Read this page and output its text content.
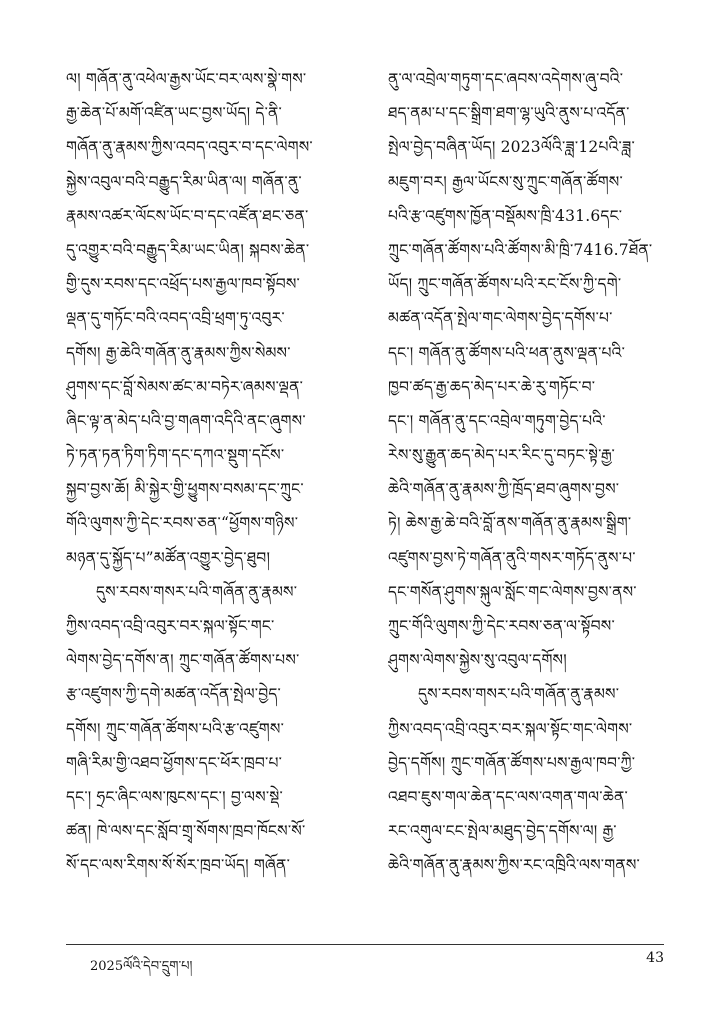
ལ། གཞོན་ནུ་འཕེལ་རྒྱས་ཡོང་བར་ལས་སྣེ་གས་
རྒྱ་ཆེན་པོ་མགོ་འཛིན་ཡང་བྱས་ཡོད། དེ་ནི་
གཞོན་ནུ་རྣམས་ཀྱིས་འབད་འབུར་བ་དང་ལེགས་
སྐྱེས་འབུལ་བའི་བརྒྱུད་རིམ་ཡིན་ལ། གཞོན་ནུ་
རྣམས་འཚར་ལོངས་ཡོང་བ་དང་འཛོན་ཐང་ཅན་
དུ་འགྱུར་བའི་བརྒྱུད་རིམ་ཡང་ཡིན། སྐབས་ཆེན་
གྱི་དུས་རབས་དང་འཕྲོད་པས་རྒྱལ་ཁབ་སྟོབས་
ལྡན་དུ་གཏོང་བའི་འབད་འབྲི་ཕྲག་ཏུ་འབུར་
དགོས། རྒྱ་ཆེའི་གཞོན་ནུ་རྣམས་ཀྱིས་སེམས་
ཤུགས་དང་བློ་སེམས་ཚང་མ་བཏེར་ཞམས་ལྡན་
ཞིང་ལྟ་ན་མེད་པའི་བྱ་གཞག་འདིའི་ནང་ཞུགས་
ཏེ་ཏན་ཏན་ཏིག་ཏིག་དང་དཀའ་སྡུག་དངོས་
སྐྱབ་བྱས་ཆོ། མི་སྐྱེར་གྱི་ཕྱུགས་བསམ་དང་ཀྲུང་
གོའི་ལུགས་ཀྱི་དེང་རབས་ཅན་“ཕྱོགས་གཉིས་
མཉན་དུ་སྐྱོད་པ”མཚོན་འགྱུར་བྱེད་ཐུབ།
དུས་རབས་གསར་པའི་གཞོན་ནུ་རྣམས་
ཀྱིས་འབད་འབྲི་འབུར་བར་སྐལ་སྟོང་གང་
ལེགས་བྱེད་དགོས་ན། ཀྲུང་གཞོན་ཚོགས་པས་
རྩ་འཛུགས་ཀྱི་དགེ་མཚན་འདོན་སྤེལ་བྱེད་
དགོས། ཀྲུང་གཞོན་ཚོགས་པའི་རྩ་འཛུགས་
གཞི་རིམ་གྱི་འཐབ་ཕྱོགས་དང་ཕོར་ཁྲབ་པ་
དང་། ཧྲང་ཞིང་ལས་ཁུངས་དང་། བྱ་ལས་སྡེ་
ཚན། ཁེ་ལས་དང་སློབ་གྲྭ་སོགས་ཁྲབ་ཁོངས་སོ་
སོ་དང་ལས་རིགས་སོ་སོར་ཁྲབ་ཡོད། གཞོན་
ནུ་ལ་འབྲེལ་གཏུག་དང་ཞབས་འདེགས་ཞུ་བའི་
ཐད་ནམ་པ་དང་སྒྲིག་ཐག་ལྷ་ཡུའི་ནུས་པ་འདོན་
སྤེལ་བྱེད་བཞིན་ཡོད། 2023ལོའི་ཟླ་12པའི་ཟླ་
མཇུག་བར། རྒྱལ་ཡོངས་སུ་ཀྲུང་གཞོན་ཚོགས་
པའི་རྩ་འཛུགས་ཁྱོན་བསྡོམས་ཁྲི་431.6དང་
ཀྲུང་གཞོན་ཚོགས་པའི་ཚོགས་མི་ཁྲི་7416.7ཐོན་
ཡོད། ཀྲུང་གཞོན་ཚོགས་པའི་རང་ངོས་ཀྱི་དགེ་
མཚན་འདོན་སྤེལ་གང་ལེགས་བྱེད་དགོས་པ་
དང་། གཞོན་ནུ་ཚོགས་པའི་ཕན་ནུས་ལྡན་པའི་
ཁྱབ་ཚད་རྒྱ་ཆད་མེད་པར་ཆེ་རུ་གཏོང་བ་
དང་། གཞོན་ནུ་དང་འབྲེལ་གཏུག་བྱེད་པའི་
རེས་སུ་རྒྱུན་ཆད་མེད་པར་རིང་དུ་བཏང་སྟེ་རྒྱ་
ཆེའི་གཞོན་ནུ་རྣམས་ཀྱི་ཁྲོད་ཐབ་ཞུགས་བྱས་
ཏེ། ཆེས་རྒྱ་ཆེ་བའི་བློ་ནས་གཞོན་ནུ་རྣམས་སྒྲིག་
འཛུགས་བྱས་ཏེ་གཞོན་ནུའི་གསར་གཏོད་ནུས་པ་
དང་གསོན་ཤུགས་སྐུལ་སློང་གང་ལེགས་བྱས་ནས་
ཀྲུང་གོའི་ལུགས་ཀྱི་དེང་རབས་ཅན་ལ་སྟོབས་
ཤུགས་ལེགས་སྐྱེས་སུ་འབུལ་དགོས།
དུས་རབས་གསར་པའི་གཞོན་ནུ་རྣམས་
ཀྱིས་འབད་འབྲི་འབུར་བར་སྐལ་སྟོང་གང་ལེགས་
བྱེད་དགོས། ཀྲུང་གཞོན་ཚོགས་པས་རྒྱལ་ཁབ་ཀྱི་
འཐབ་ཇུས་གལ་ཆེན་དང་ལས་འགན་གལ་ཆེན་
རང་འགུལ་ངང་སྤེལ་མཐུད་བྱེད་དགོས་ལ། རྒྱ་
ཆེའི་གཞོན་ནུ་རྣམས་ཀྱིས་རང་འཁྲིའི་ལས་གནས་
2025ལོའི་དེབ་དྲུག་པ།
43
